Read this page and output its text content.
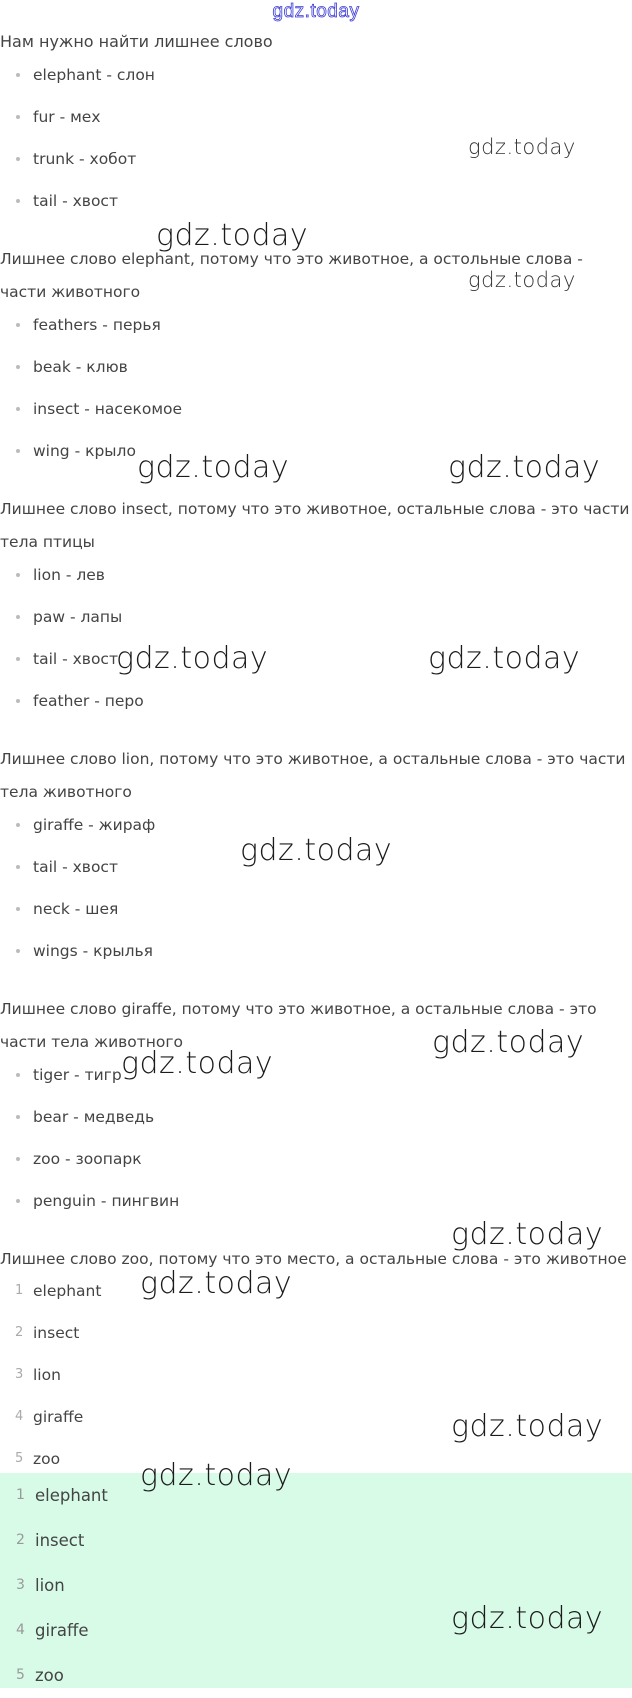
gdz.today
Нам нужно найти лишнее слово
elephant - слон
fur - мех
trunk - хобот
tail - хвост

Лишнее слово elephant, потому что это животное, а остольные слова - части животного

feathers - перья
beak - клюв
insect - насекомое
wing - крыло

Лишнее слово insect, потому что это животное, остальные слова - это части тела птицы

lion - лев
paw - лапы
tail - хвост
feather - перо

Лишнее слово lion, потому что это животное, а остальные слова - это части тела животного

giraffe - жираф
tail - хвост
neck - шея
wings - крылья

Лишнее слово giraffe, потому что это животное, а остальные слова - это части тела животного

tiger - тигр
bear - медведь
zoo - зоопарк
penguin - пингвин

Лишнее слово zoo, потому что это место, а остальные слова - это животное

1 elephant
2 insect
3 lion
4 giraffe
5 zoo
1 elephant
2 insect
3 lion
4 giraffe
5 zoo
gdz.today
gdz.today
gdz.today
gdz.today	gdz.today
gdz.today	gdz.today
gdz.today
gdz.today
gdz.today
gdz.today
gdz.today
gdz.today
gdz.today
gdz.today
